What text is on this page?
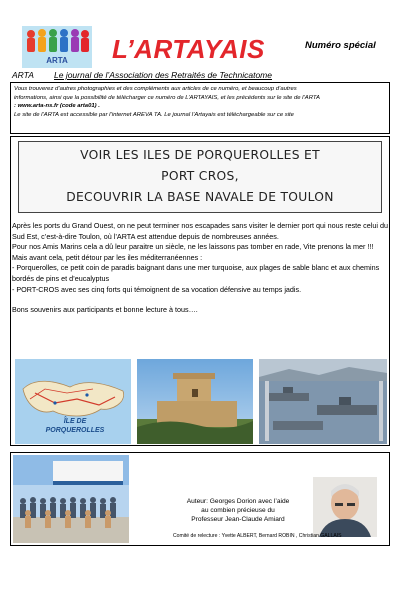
ARTA L’ARTAYAIS	Numéro spécial
ARTA Le journal de l’Association des Retraités de Technicatome
Vous trouverez d’autres photographies et des compléments aux articles de ce numéro, et beaucoup d’autres
informations, ainsi que la possibilité de télécharger ce numéro de L’ARTAYAIS, et les précédents sur le site de l’ARTA
: www.arta-ns.fr (code arta01) .
Le site de l’ARTA est accessible par l’internet AREVA TA. Le journal l’Artayais est téléchargeable sur ce site
VOIR LES ILES DE PORQUEROLLES ET
PORT CROS,
DECOUVRIR LA BASE NAVALE DE TOULON

Après les ports du Grand Ouest, on ne peut terminer nos escapades sans visiter le dernier port qui nous reste celui du Sud Est, c’est-à-dire Toulon, où l’ARTA est attendue depuis de nombreuses années.

Pour nos Amis Marins cela a dû leur paraitre un siècle, ne les laissons pas tomber en rade, Vite prenons la mer !!!

Mais avant cela, petit détour par les iles méditerranéennes :

- Porquerolles, ce petit coin de paradis baignant dans une mer turquoise, aux plages de sable blanc et aux chemins bordés de pins et d’eucalyptus

- PORT-CROS avec ses cinq forts qui témoignent de sa vocation défensive au temps jadis.

Bons souvenirs aux participants et bonne lecture à tous….

ÎLE DE
PORQUEROLLES
Auteur: Georges Dorion avec l’aide
au combien précieuse du
Professeur Jean-Claude Amiard
Comité de relecture : Yvette ALBERT, Bernard ROBIN , Christian GALLAIS
